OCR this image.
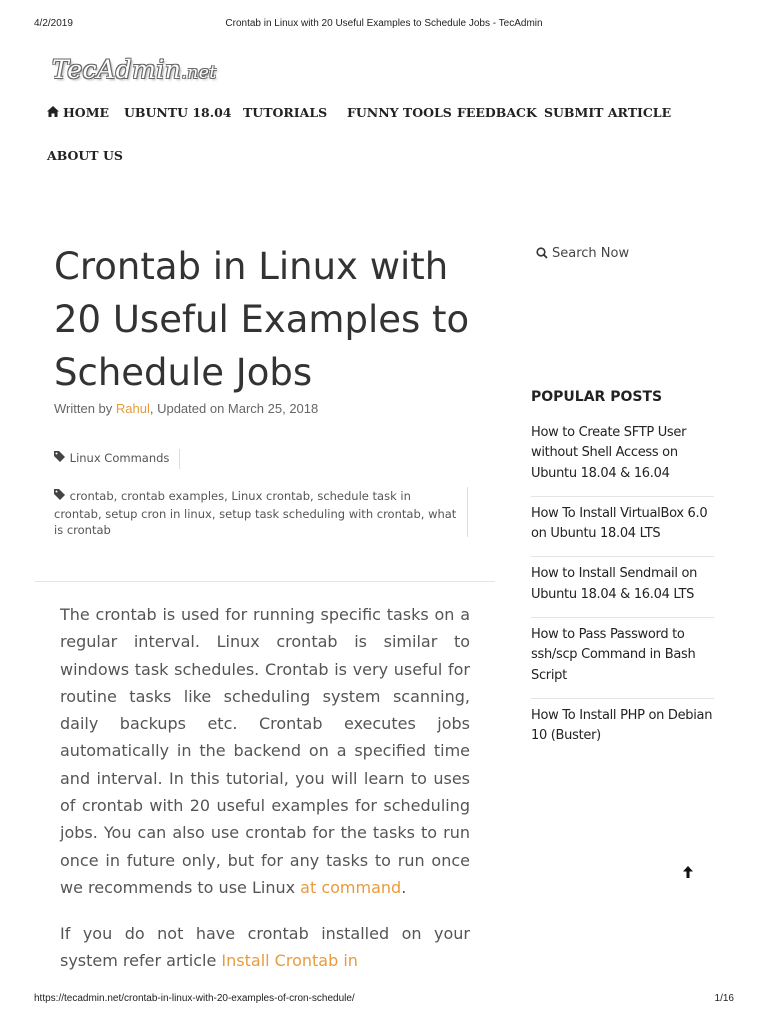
4/2/2019	Crontab in Linux with 20 Useful Examples to Schedule Jobs - TecAdmin
TecAdmin.net
HOME UBUNTU 18.04 TUTORIALS FUNNY TOOLS FEEDBACK SUBMIT ARTICLE
ABOUT US
Crontab in Linux with 20 Useful Examples to Schedule Jobs
Written by Rahul, Updated on March 25, 2018
Linux Commands
crontab, crontab examples, Linux crontab, schedule task in crontab, setup cron in linux, setup task scheduling with crontab, what is crontab

The crontab is used for running specific tasks on a regular interval. Linux crontab is similar to windows task schedules. Crontab is very useful for routine tasks like scheduling system scanning, daily backups etc. Crontab executes jobs automatically in the backend on a specified time and interval. In this tutorial, you will learn to uses of crontab with 20 useful examples for scheduling jobs. You can also use crontab for the tasks to run once in future only, but for any tasks to run once we recommends to use Linux at command.

If you do not have crontab installed on your system refer article Install Crontab in

Search Now
POPULAR POSTS
How to Create SFTP User without Shell Access on Ubuntu 18.04 & 16.04
How To Install VirtualBox 6.0 on Ubuntu 18.04 LTS
How to Install Sendmail on Ubuntu 18.04 & 16.04 LTS
How to Pass Password to ssh/scp Command in Bash Script
How To Install PHP on Debian 10 (Buster)
https://tecadmin.net/crontab-in-linux-with-20-examples-of-cron-schedule/	1/16
